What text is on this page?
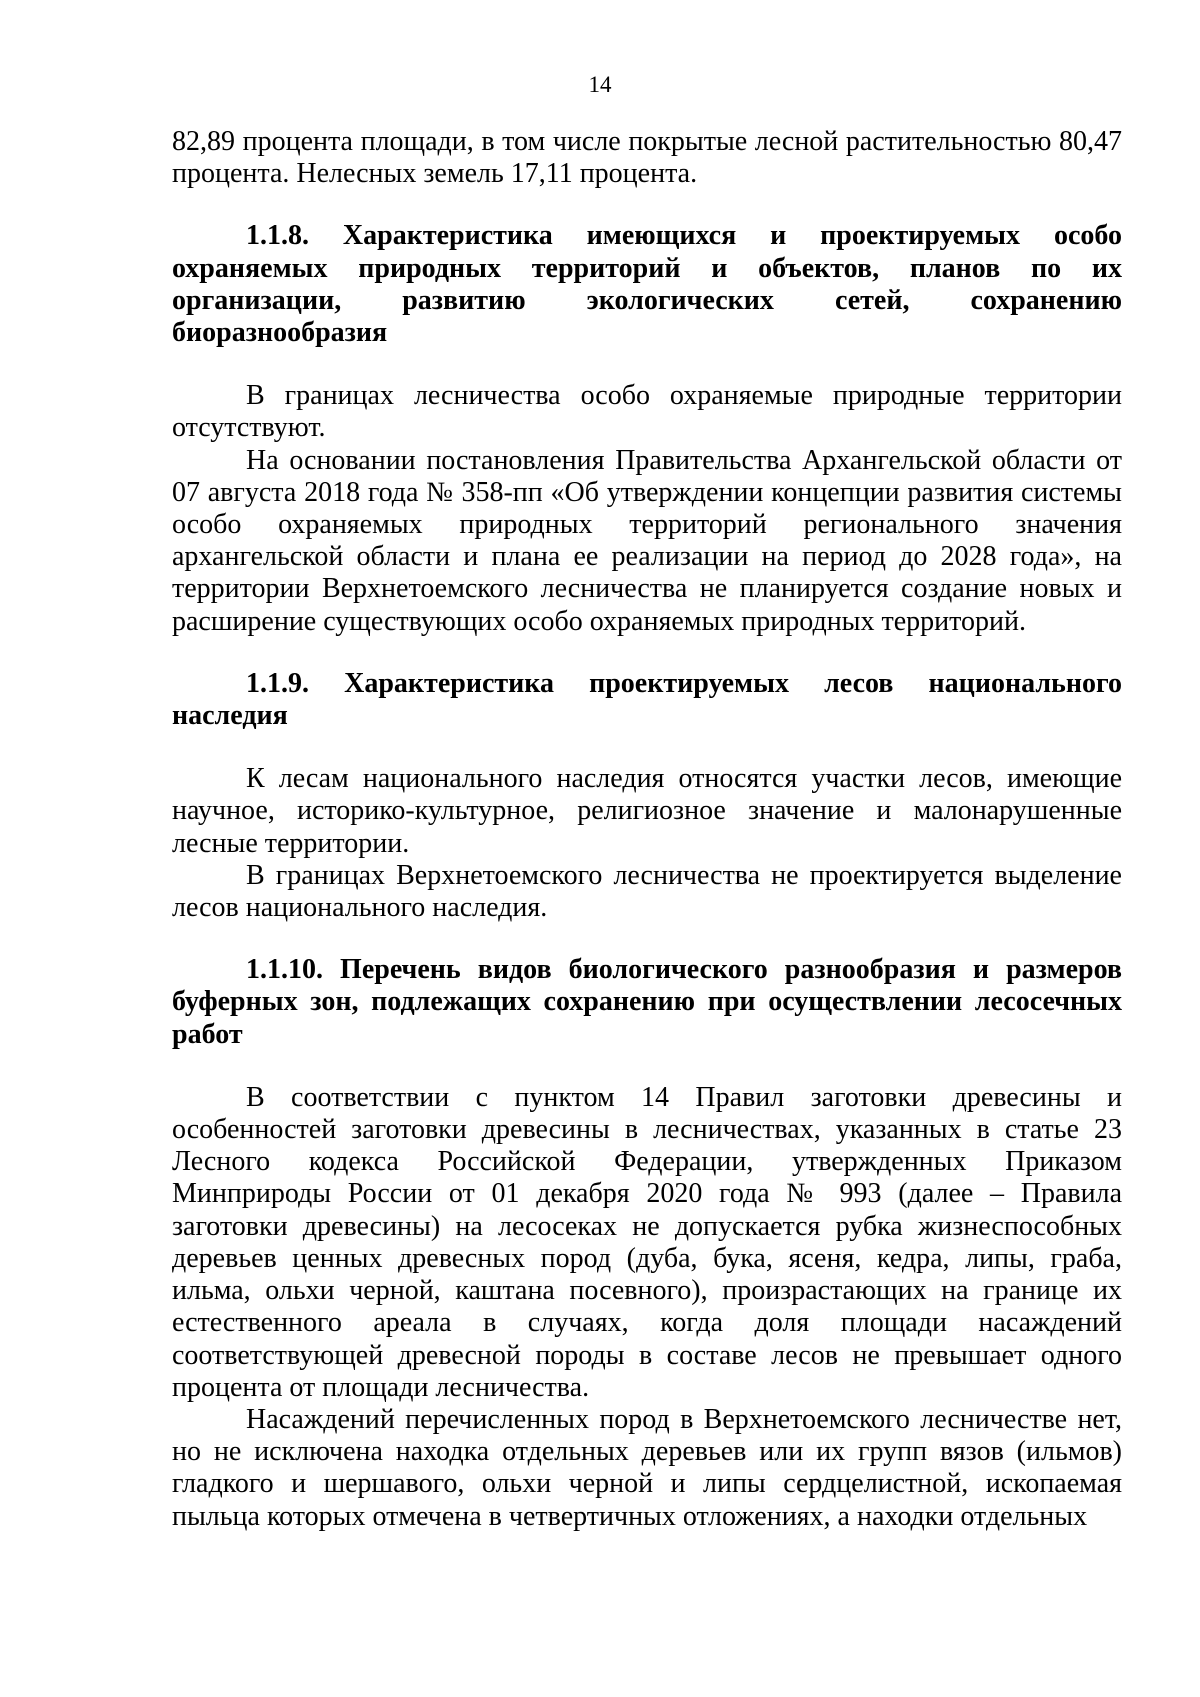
14

82,89 процента площади, в том числе покрытые лесной растительностью 80,47 процента. Нелесных земель 17,11 процента.

1.1.8. Характеристика имеющихся и проектируемых особо охраняемых природных территорий и объектов, планов по их организации, развитию экологических сетей, сохранению биоразнообразия

В границах лесничества особо охраняемые природные территории отсутствуют.

На основании постановления Правительства Архангельской области от 07 августа 2018 года № 358-пп «Об утверждении концепции развития системы особо охраняемых природных территорий регионального значения архангельской области и плана ее реализации на период до 2028 года», на территории Верхнетоемского лесничества не планируется создание новых и расширение существующих особо охраняемых природных территорий.

1.1.9. Характеристика проектируемых лесов национального наследия

К лесам национального наследия относятся участки лесов, имеющие научное, историко-культурное, религиозное значение и малонарушенные лесные территории.

В границах Верхнетоемского лесничества не проектируется выделение лесов национального наследия.

1.1.10. Перечень видов биологического разнообразия и размеров буферных зон, подлежащих сохранению при осуществлении лесосечных работ

В соответствии с пунктом 14 Правил заготовки древесины и особенностей заготовки древесины в лесничествах, указанных в статье 23 Лесного кодекса Российской Федерации, утвержденных Приказом Минприроды России от 01 декабря 2020 года № 993 (далее – Правила заготовки древесины) на лесосеках не допускается рубка жизнеспособных деревьев ценных древесных пород (дуба, бука, ясеня, кедра, липы, граба, ильма, ольхи черной, каштана посевного), произрастающих на границе их естественного ареала в случаях, когда доля площади насаждений соответствующей древесной породы в составе лесов не превышает одного процента от площади лесничества.

Насаждений перечисленных пород в Верхнетоемского лесничестве нет, но не исключена находка отдельных деревьев или их групп вязов (ильмов) гладкого и шершавого, ольхи черной и липы сердцелистной, ископаемая пыльца которых отмечена в четвертичных отложениях, а находки отдельных
